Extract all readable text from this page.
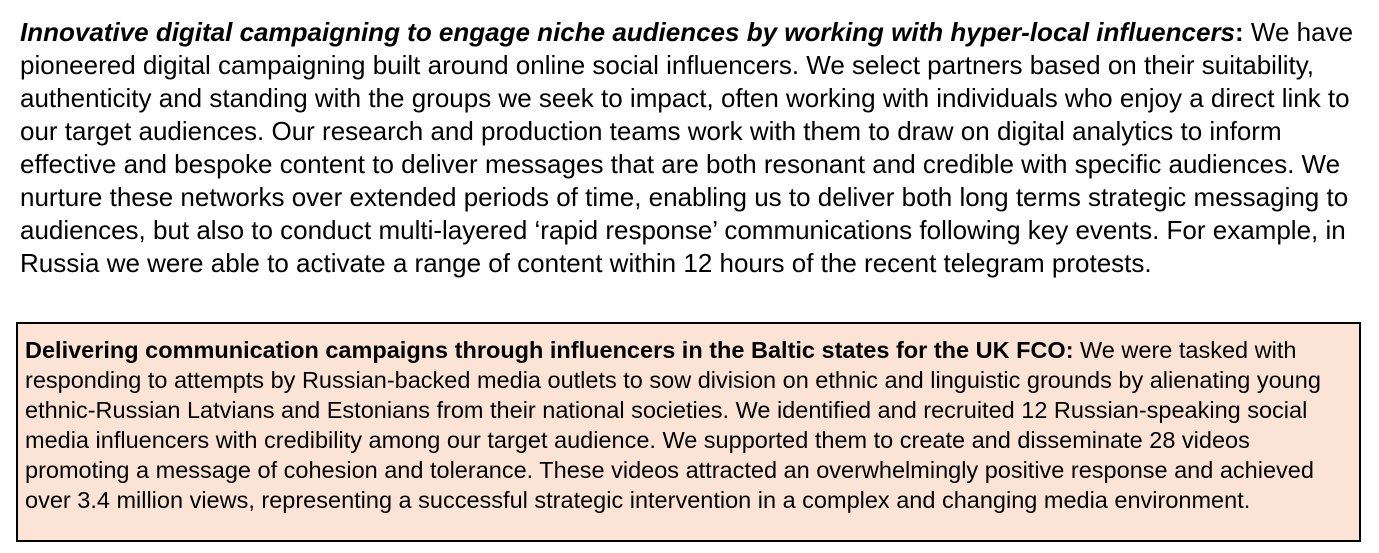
Innovative digital campaigning to engage niche audiences by working with hyper-local influencers: We have pioneered digital campaigning built around online social influencers. We select partners based on their suitability, authenticity and standing with the groups we seek to impact, often working with individuals who enjoy a direct link to our target audiences. Our research and production teams work with them to draw on digital analytics to inform effective and bespoke content to deliver messages that are both resonant and credible with specific audiences. We nurture these networks over extended periods of time, enabling us to deliver both long terms strategic messaging to audiences, but also to conduct multi-layered ‘rapid response’ communications following key events. For example, in Russia we were able to activate a range of content within 12 hours of the recent telegram protests.

Delivering communication campaigns through influencers in the Baltic states for the UK FCO: We were tasked with responding to attempts by Russian-backed media outlets to sow division on ethnic and linguistic grounds by alienating young ethnic-Russian Latvians and Estonians from their national societies. We identified and recruited 12 Russian-speaking social media influencers with credibility among our target audience. We supported them to create and disseminate 28 videos promoting a message of cohesion and tolerance. These videos attracted an overwhelmingly positive response and achieved over 3.4 million views, representing a successful strategic intervention in a complex and changing media environment.
